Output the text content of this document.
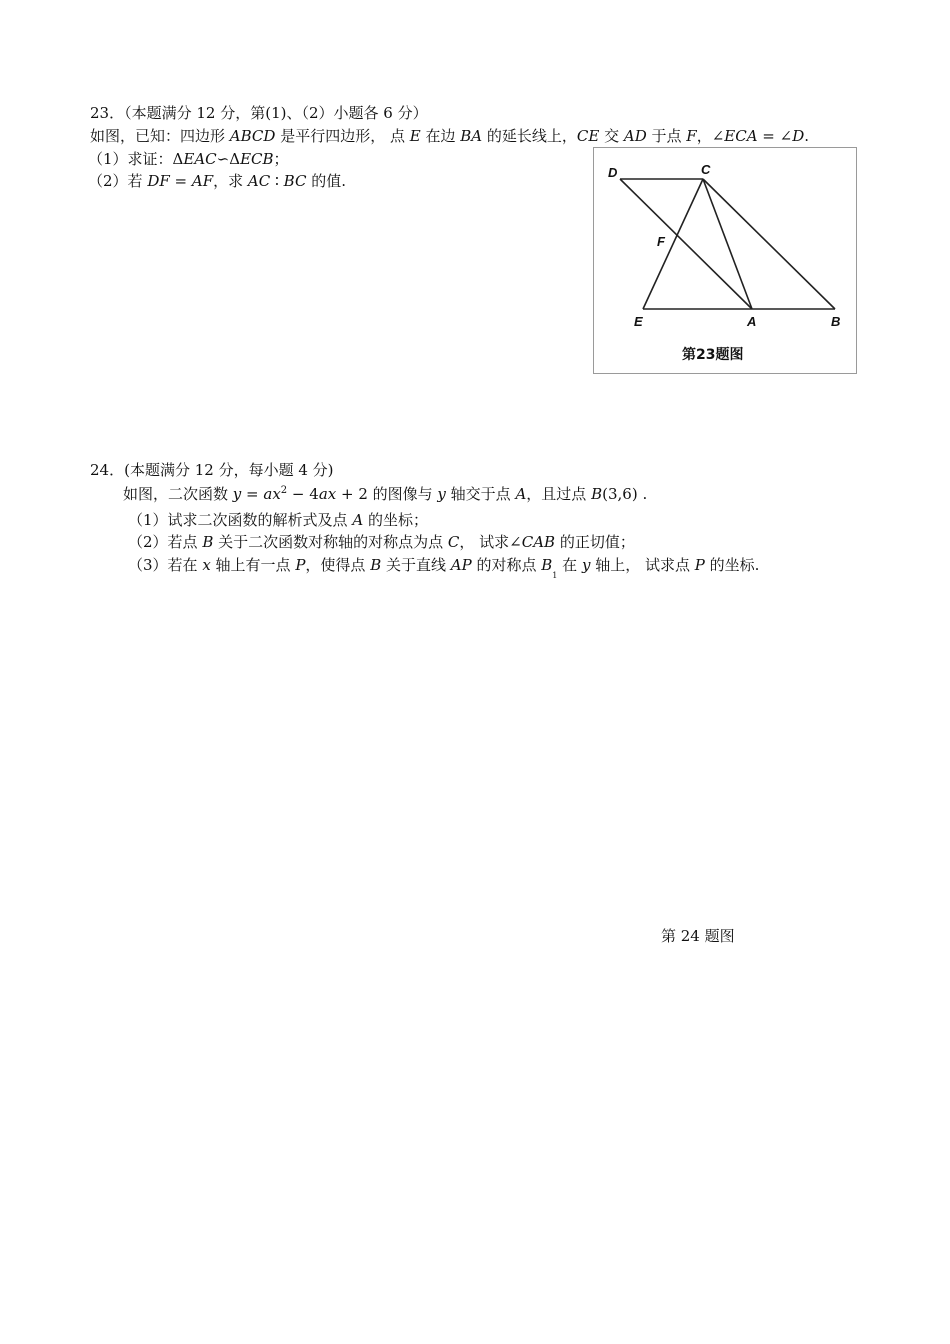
23．（本题满分 12 分，第(1)、（2）小题各 6 分）
如图，已知：四边形 ABCD 是平行四边形， 点 E 在边 BA 的延长线上，CE 交 AD 于点 F，∠ECA = ∠D.
（1）求证：ΔEAC∽ΔECB；
（2）若 DF = AF，求 AC ∶ BC 的值.	D	C
F
E	A	B
第23题图
24．(本题满分 12 分，每小题 4 分)
如图，二次函数 $y = ax^2 - 4ax + 2$ 的图像与 y 轴交于点 A，且过点 B(3,6) .
（1）试求二次函数的解析式及点 A 的坐标；
（2）若点 B 关于二次函数对称轴的对称点为点 C， 试求∠CAB 的正切值；
（3）若在 x 轴上有一点 P，使得点 B 关于直线 AP 的对称点 $B_1$ 在 y 轴上， 试求点 P 的坐标.
第 24 题图
